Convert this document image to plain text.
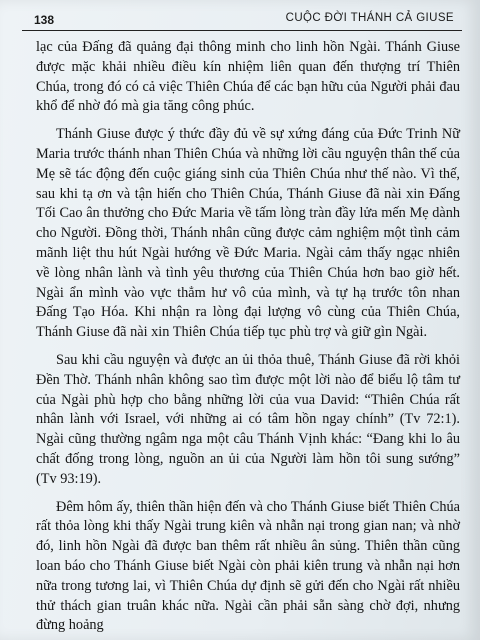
138	CUỘC ĐỜI THÁNH CẢ GIUSE

lạc của Đấng đã quảng đại thông minh cho linh hồn Ngài. Thánh Giuse được mặc khải nhiều điều kín nhiệm liên quan đến thượng trí Thiên Chúa, trong đó có cả việc Thiên Chúa để các bạn hữu của Người phải đau khổ để nhờ đó mà gia tăng công phúc.

Thánh Giuse được ý thức đầy đủ về sự xứng đáng của Đức Trinh Nữ Maria trước thánh nhan Thiên Chúa và những lời cầu nguyện thân thế của Mẹ sẽ tác động đến cuộc giáng sinh của Thiên Chúa như thế nào. Vì thế, sau khi tạ ơn và tận hiến cho Thiên Chúa, Thánh Giuse đã nài xin Đấng Tối Cao ân thưởng cho Đức Maria về tấm lòng tràn đầy lửa mến Mẹ dành cho Người. Đồng thời, Thánh nhân cũng được cảm nghiệm một tình cảm mãnh liệt thu hút Ngài hướng về Đức Maria. Ngài cảm thấy ngạc nhiên về lòng nhân lành và tình yêu thương của Thiên Chúa hơn bao giờ hết. Ngài ẩn mình vào vực thẳm hư vô của mình, và tự hạ trước tôn nhan Đấng Tạo Hóa. Khi nhận ra lòng đại lượng vô cùng của Thiên Chúa, Thánh Giuse đã nài xin Thiên Chúa tiếp tục phù trợ và giữ gìn Ngài.

Sau khi cầu nguyện và được an ủi thỏa thuê, Thánh Giuse đã rời khỏi Đền Thờ. Thánh nhân không sao tìm được một lời nào để biểu lộ tâm tư của Ngài phù hợp cho bằng những lời của vua David: “Thiên Chúa rất nhân lành với Israel, với những ai có tâm hồn ngay chính” (Tv 72:1). Ngài cũng thường ngâm nga một câu Thánh Vịnh khác: “Đang khi lo âu chất đống trong lòng, nguồn an ủi của Người làm hồn tôi sung sướng” (Tv 93:19).

Đêm hôm ấy, thiên thần hiện đến và cho Thánh Giuse biết Thiên Chúa rất thỏa lòng khi thấy Ngài trung kiên và nhẫn nại trong gian nan; và nhờ đó, linh hồn Ngài đã được ban thêm rất nhiều ân sủng. Thiên thần cũng loan báo cho Thánh Giuse biết Ngài còn phải kiên trung và nhẫn nại hơn nữa trong tương lai, vì Thiên Chúa dự định sẽ gửi đến cho Ngài rất nhiều thử thách gian truân khác nữa. Ngài cần phải sẵn sàng chờ đợi, nhưng đừng hoảng
